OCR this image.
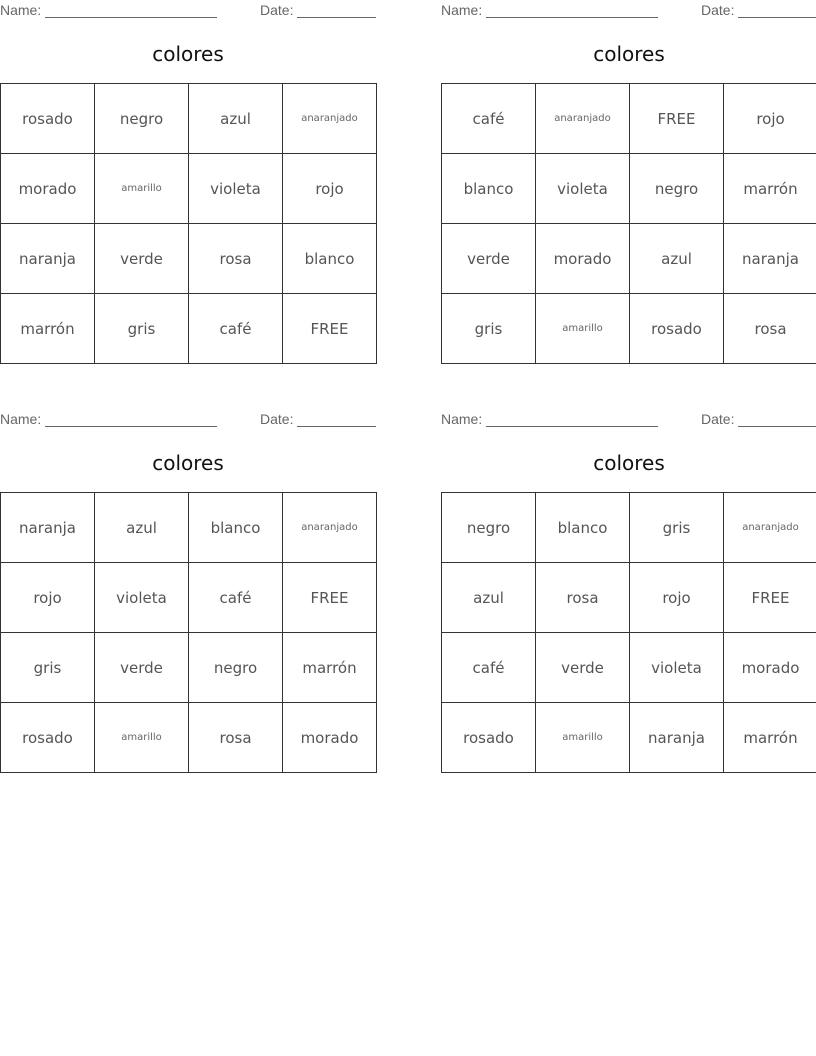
Name:	Date:
colores
rosado	negro	azul	anaranjado
morado	amarillo	violeta	rojo
naranja	verde	rosa	blanco
marrón	gris	café	FREE
Name:	Date:
colores
café	anaranjado	FREE	rojo
blanco	violeta	negro	marrón
verde	morado	azul	naranja
gris	amarillo	rosado	rosa
Name:	Date:
colores
naranja	azul	blanco	anaranjado
rojo	violeta	café	FREE
gris	verde	negro	marrón
rosado	amarillo	rosa	morado
Name:	Date:
colores
negro	blanco	gris	anaranjado
azul	rosa	rojo	FREE
café	verde	violeta	morado
rosado	amarillo	naranja	marrón
